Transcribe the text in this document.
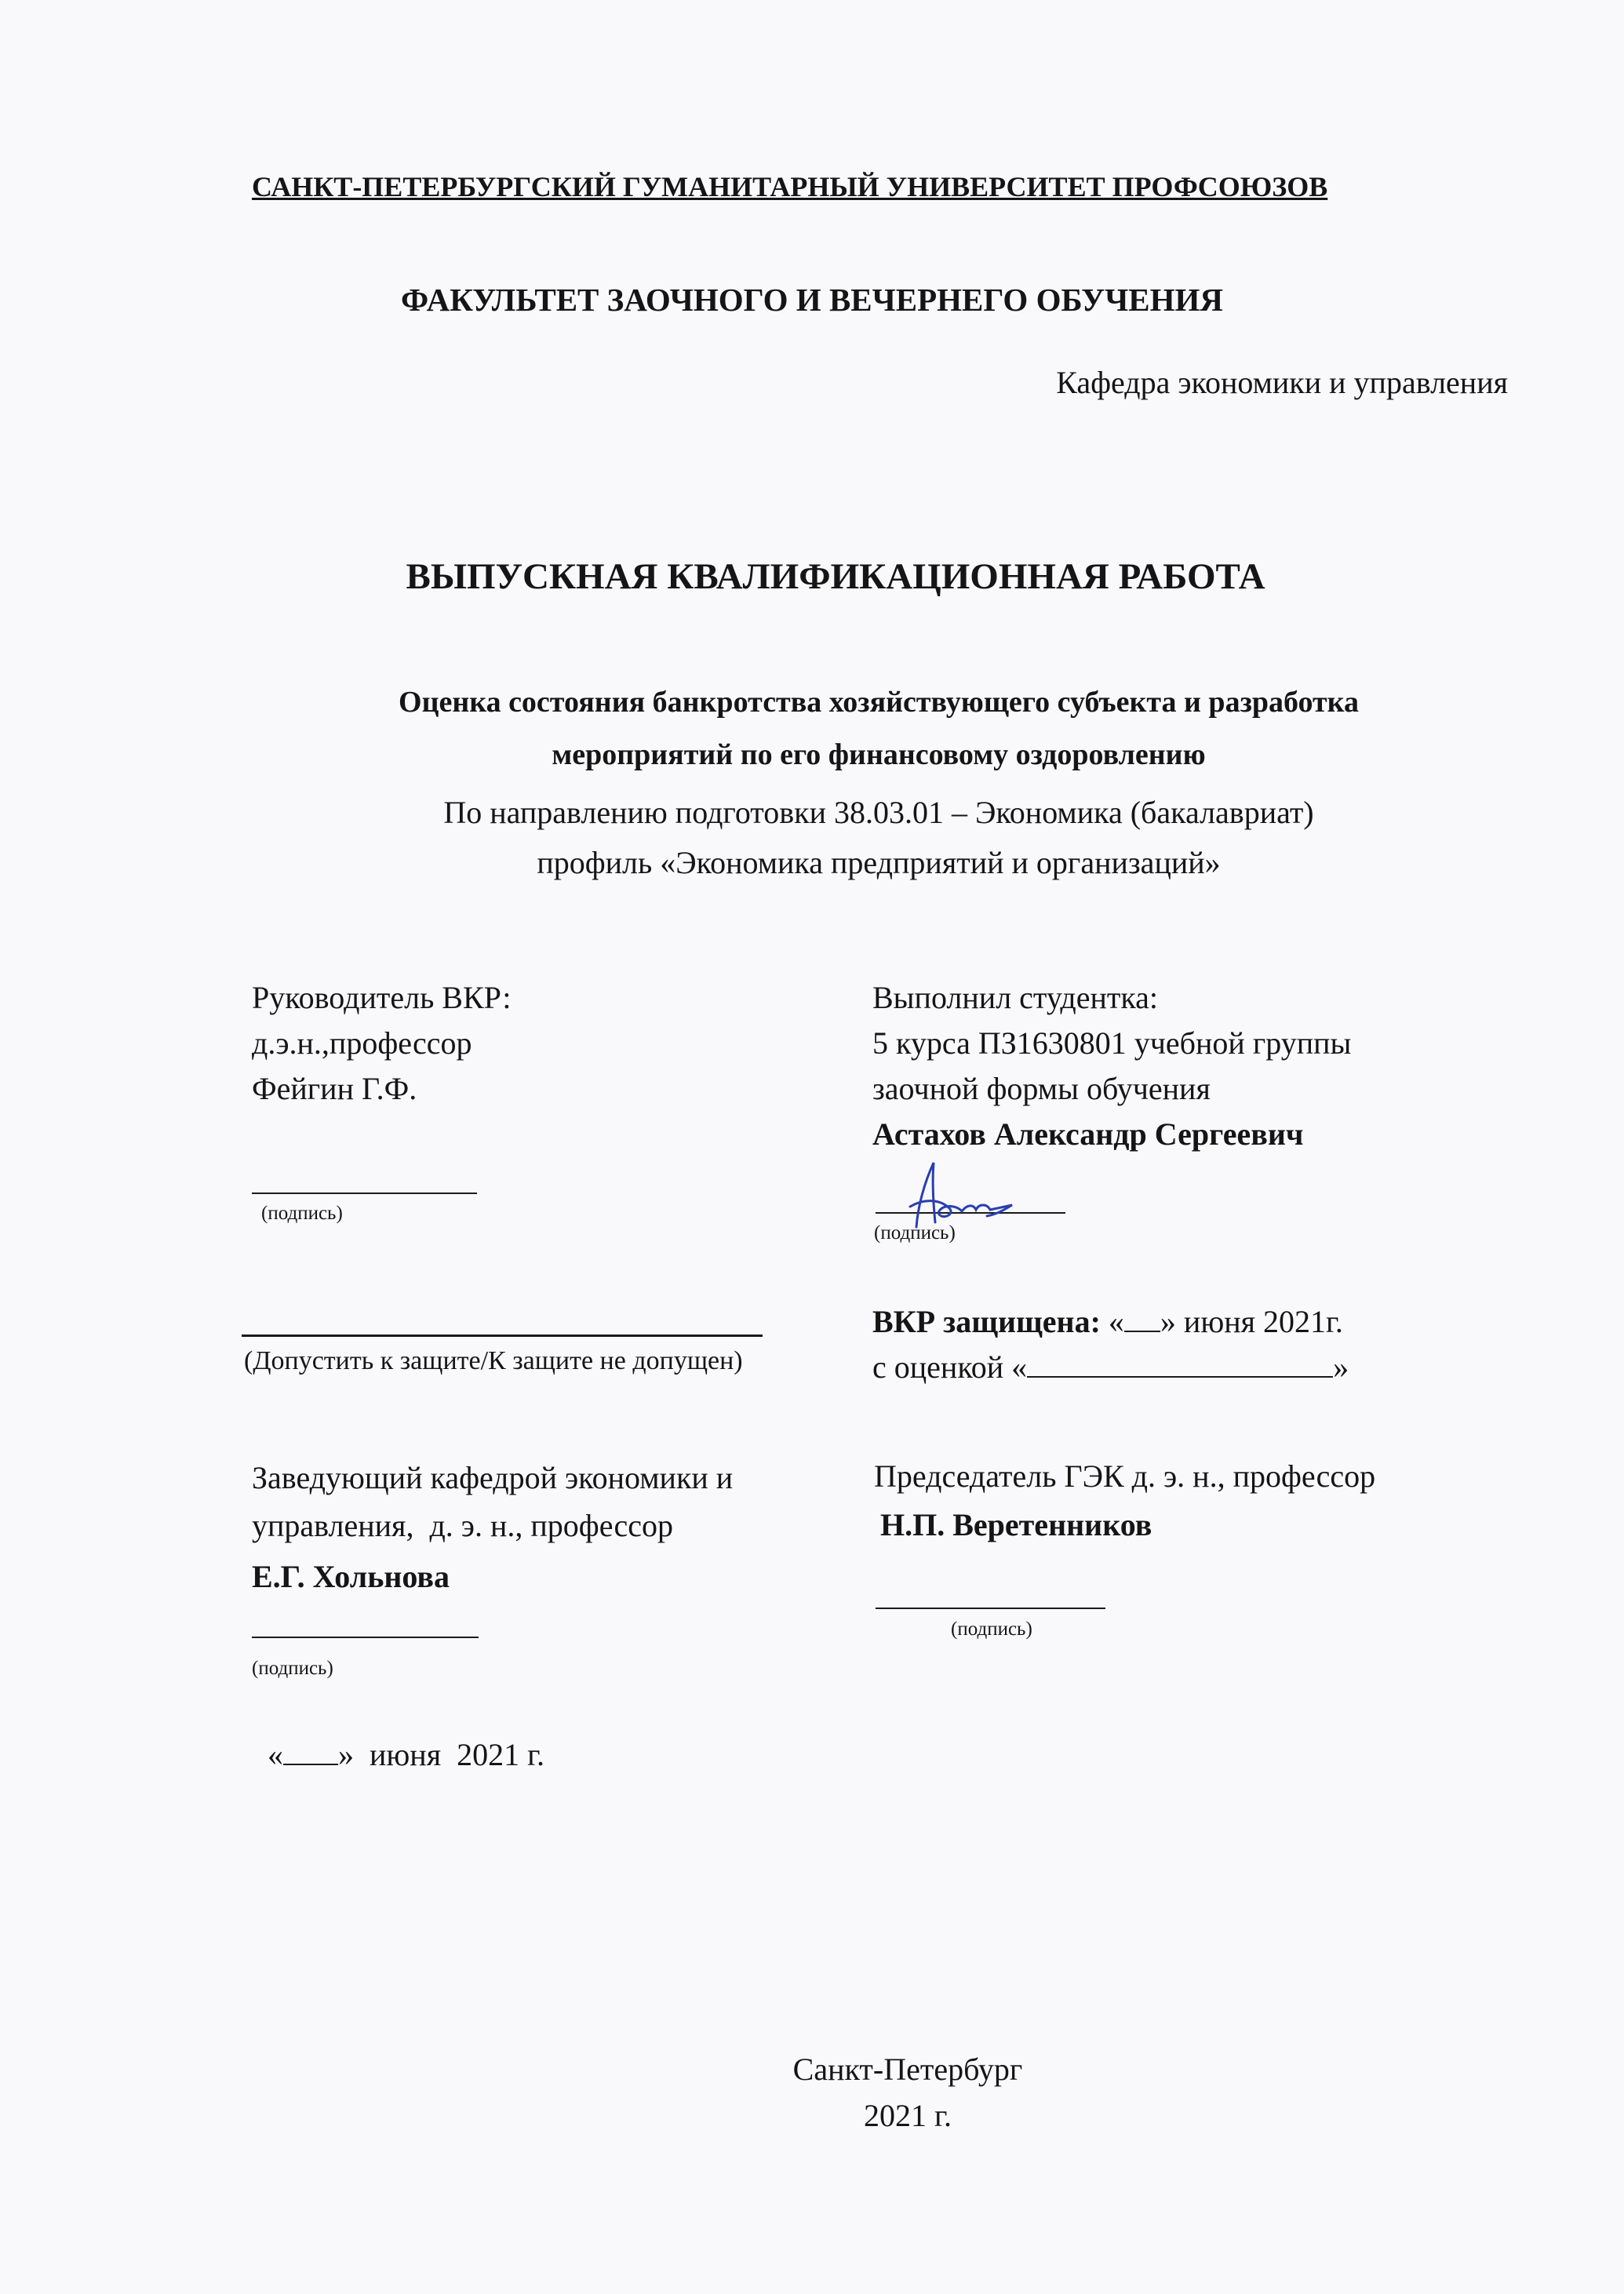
САНКТ-ПЕТЕРБУРГСКИЙ ГУМАНИТАРНЫЙ УНИВЕРСИТЕТ ПРОФСОЮЗОВ
ФАКУЛЬТЕТ ЗАОЧНОГО И ВЕЧЕРНЕГО ОБУЧЕНИЯ
Кафедра экономики и управления
ВЫПУСКНАЯ КВАЛИФИКАЦИОННАЯ РАБОТА
Оценка состояния банкротства хозяйствующего субъекта и разработка
мероприятий по его финансовому оздоровлению
По направлению подготовки 38.03.01 – Экономика (бакалавриат)
профиль «Экономика предприятий и организаций»
Руководитель ВКР:
д.э.н.,профессор
Фейгин Г.Ф.
(подпись)
Выполнил студентка:
5 курса ПЗ1630801 учебной группы
заочной формы обучения
Астахов Александр Сергеевич
(подпись)
(Допустить к защите/К защите не допущен)
ВКР защищена: « » июня 2021г.
с оценкой «	»
Заведующий кафедрой экономики и
управления,  д. э. н., профессор
Е.Г. Хольнова
(подпись)

« »  июня  2021 г.

Председатель ГЭК д. э. н., профессор
Н.П. Веретенников
(подпись)
Санкт-Петербург
2021 г.
